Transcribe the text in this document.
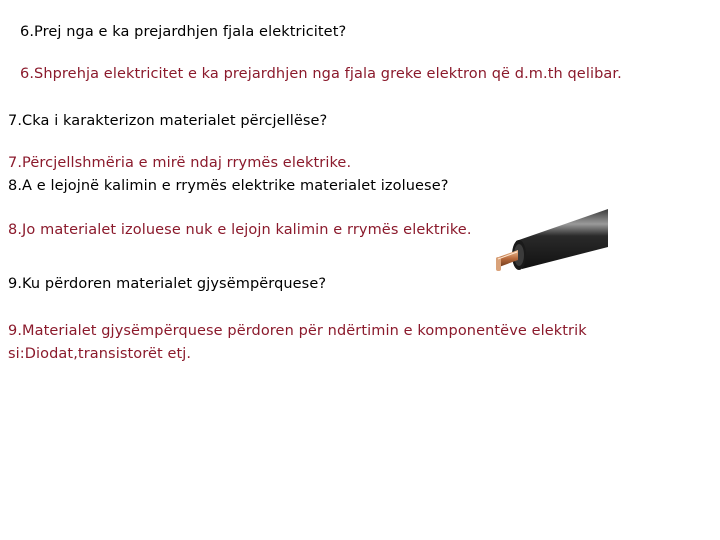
6.Prej nga e ka prejardhjen fjala elektricitet?
6.Shprehja elektricitet e ka prejardhjen nga fjala greke elektron që d.m.th qelibar.
7.Cka i karakterizon materialet përcjellëse?
7.Përcjellshmëria e mirë ndaj rrymës elektrike.
8.A e lejojnë kalimin e rrymës elektrike materialet izoluese?
8.Jo materialet izoluese nuk e lejojn kalimin e rrymës elektrike.
9.Ku përdoren materialet gjysëmpërquese?
9.Materialet gjysëmpërquese përdoren për ndërtimin e komponentëve elektrik
si:Diodat,transistorët etj.
